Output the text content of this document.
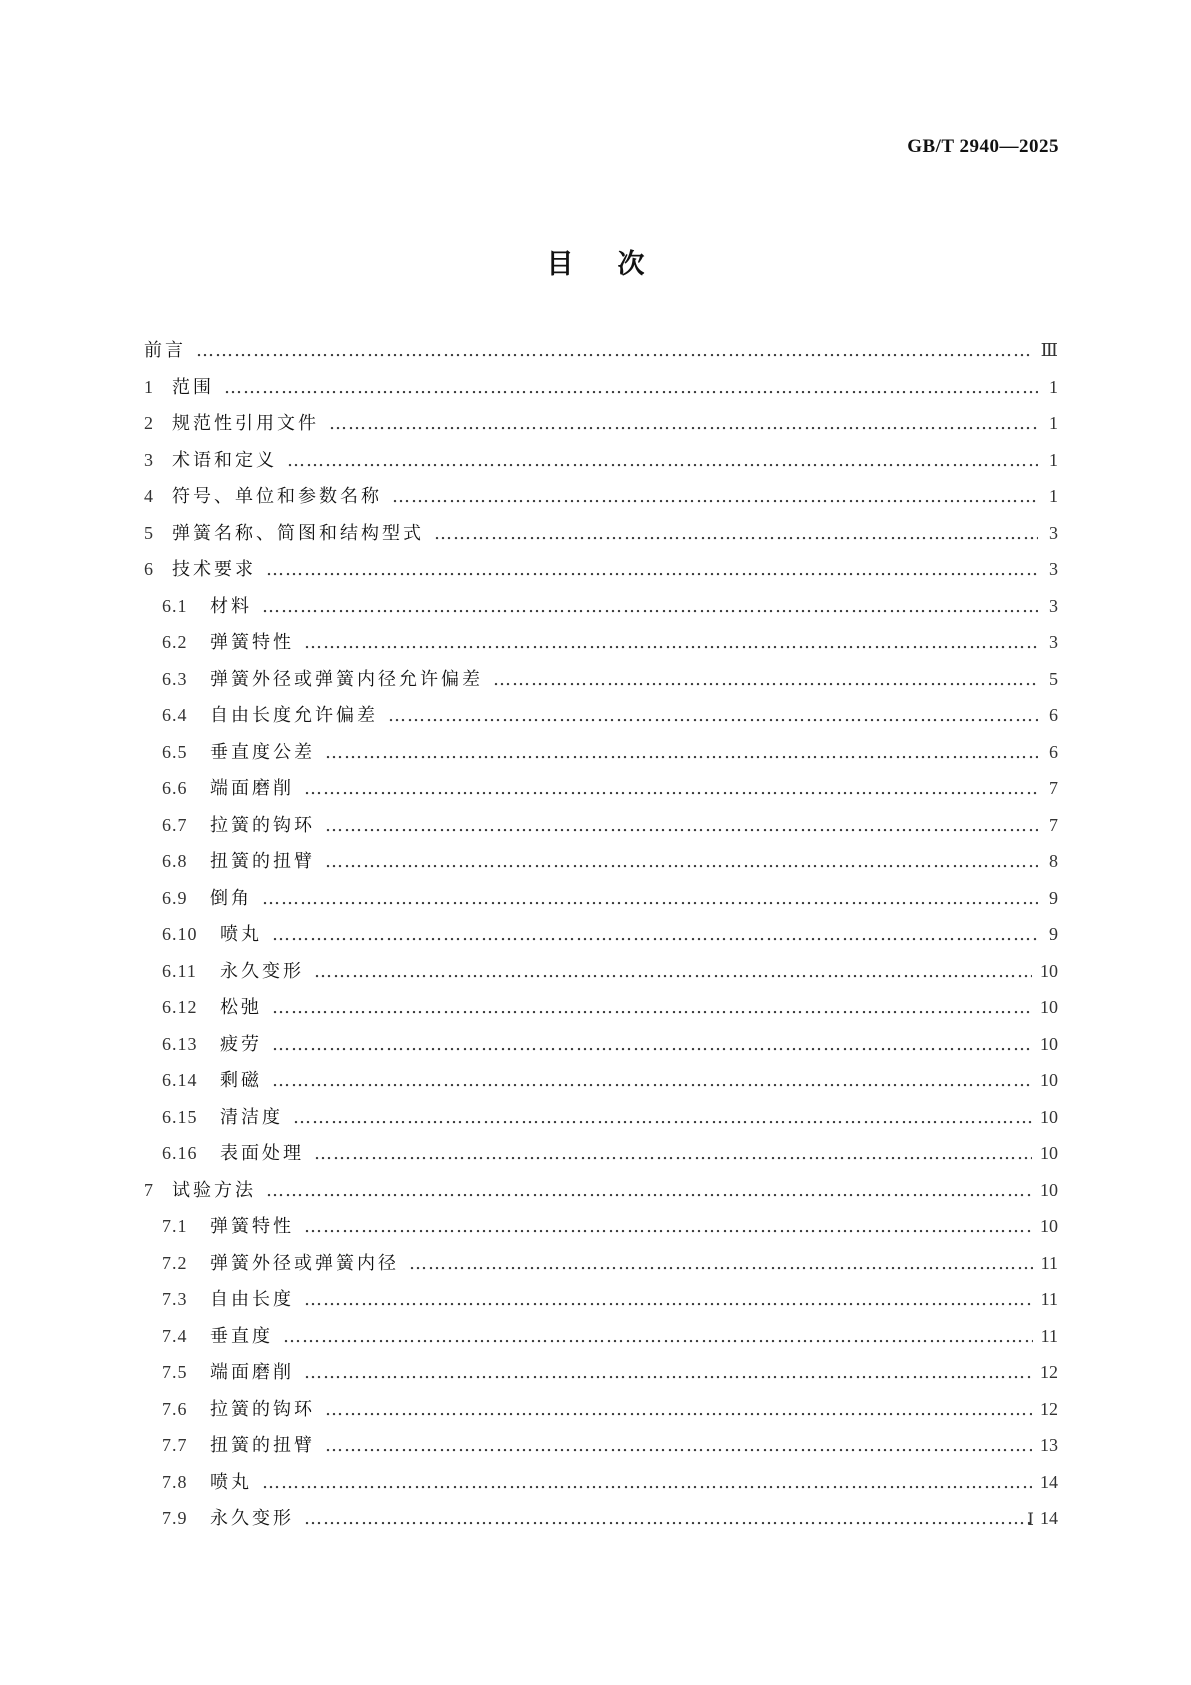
GB/T 2940—2025
目次
前言 …………………………………………………………………………………………………………………………………………………………………………………………………………………………………………………………	Ⅲ
1	范围 …………………………………………………………………………………………………………………………………………………………………………………………………………………………………………………………	1
2	规范性引用文件 …………………………………………………………………………………………………………………………………………………………………………………………………………………………………………………………	1
3	术语和定义 …………………………………………………………………………………………………………………………………………………………………………………………………………………………………………………………	1
4	符号、单位和参数名称 …………………………………………………………………………………………………………………………………………………………………………………………………………………………………………………………	1
5	弹簧名称、简图和结构型式 …………………………………………………………………………………………………………………………………………………………………………………………………………………………………………………………	3
6	技术要求 …………………………………………………………………………………………………………………………………………………………………………………………………………………………………………………………	3
6.1	材料 …………………………………………………………………………………………………………………………………………………………………………………………………………………………………………………………	3
6.2	弹簧特性 …………………………………………………………………………………………………………………………………………………………………………………………………………………………………………………………	3
6.3	弹簧外径或弹簧内径允许偏差 …………………………………………………………………………………………………………………………………………………………………………………………………………………………………………………………	5
6.4	自由长度允许偏差 …………………………………………………………………………………………………………………………………………………………………………………………………………………………………………………………	6
6.5	垂直度公差 …………………………………………………………………………………………………………………………………………………………………………………………………………………………………………………………	6
6.6	端面磨削 …………………………………………………………………………………………………………………………………………………………………………………………………………………………………………………………	7
6.7	拉簧的钩环 …………………………………………………………………………………………………………………………………………………………………………………………………………………………………………………………	7
6.8	扭簧的扭臂 …………………………………………………………………………………………………………………………………………………………………………………………………………………………………………………………	8
6.9	倒角 …………………………………………………………………………………………………………………………………………………………………………………………………………………………………………………………	9
6.10	喷丸 …………………………………………………………………………………………………………………………………………………………………………………………………………………………………………………………	9
6.11	永久变形 …………………………………………………………………………………………………………………………………………………………………………………………………………………………………………………………	10
6.12	松弛 …………………………………………………………………………………………………………………………………………………………………………………………………………………………………………………………	10
6.13	疲劳 …………………………………………………………………………………………………………………………………………………………………………………………………………………………………………………………	10
6.14	剩磁 …………………………………………………………………………………………………………………………………………………………………………………………………………………………………………………………	10
6.15	清洁度 …………………………………………………………………………………………………………………………………………………………………………………………………………………………………………………………	10
6.16	表面处理 …………………………………………………………………………………………………………………………………………………………………………………………………………………………………………………………	10
7	试验方法 …………………………………………………………………………………………………………………………………………………………………………………………………………………………………………………………	10
7.1	弹簧特性 …………………………………………………………………………………………………………………………………………………………………………………………………………………………………………………………	10
7.2	弹簧外径或弹簧内径 …………………………………………………………………………………………………………………………………………………………………………………………………………………………………………………………	11
7.3	自由长度 …………………………………………………………………………………………………………………………………………………………………………………………………………………………………………………………	11
7.4	垂直度 …………………………………………………………………………………………………………………………………………………………………………………………………………………………………………………………	11
7.5	端面磨削 …………………………………………………………………………………………………………………………………………………………………………………………………………………………………………………………	12
7.6	拉簧的钩环 …………………………………………………………………………………………………………………………………………………………………………………………………………………………………………………………	12
7.7	扭簧的扭臂 …………………………………………………………………………………………………………………………………………………………………………………………………………………………………………………………	13
7.8	喷丸 …………………………………………………………………………………………………………………………………………………………………………………………………………………………………………………………	14
7.9	永久变形 …………………………………………………………………………………………………………………………………………………………………………………………………………………………………………………………	14
Ⅰ
